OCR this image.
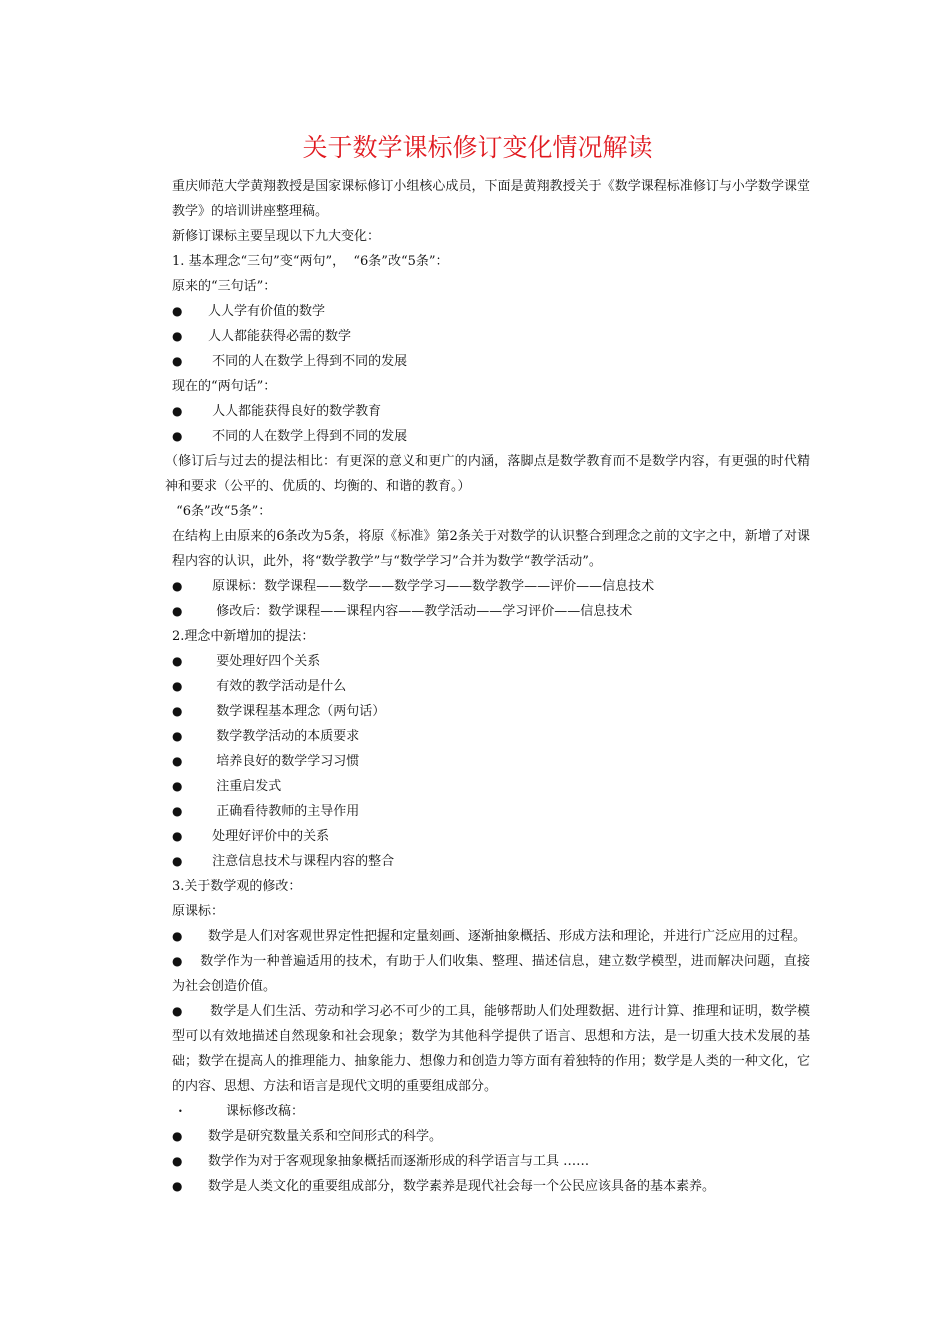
关于数学课标修订变化情况解读

重庆师范大学黄翔教授是国家课标修订小组核心成员，下面是黄翔教授关于《数学课程标准修订与小学数学课堂教学》的培训讲座整理稿。

新修订课标主要呈现以下九大变化：

1. 基本理念“三句”变“两句”，  “6条”改“5条”：

原来的“三句话”：

●	人人学有价值的数学
●	人人都能获得必需的数学
●	不同的人在数学上得到不同的发展

现在的“两句话”：

●	人人都能获得良好的数学教育
●	不同的人在数学上得到不同的发展

（修订后与过去的提法相比：有更深的意义和更广的内涵，落脚点是数学教育而不是数学内容，有更强的时代精神和要求（公平的、优质的、均衡的、和谐的教育。）

“6条”改“5条”：

在结构上由原来的6条改为5条，将原《标准》第2条关于对数学的认识整合到理念之前的文字之中，新增了对课程内容的认识，此外，将“数学教学”与“数学学习”合并为数学“教学活动”。

●	原课标：数学课程——数学——数学学习——数学教学——评价——信息技术
●	修改后：数学课程——课程内容——教学活动——学习评价——信息技术

2.理念中新增加的提法：

●	要处理好四个关系
●	有效的教学活动是什么
●	数学课程基本理念（两句话）
●	数学教学活动的本质要求
●	培养良好的数学学习习惯
●	注重启发式
●	正确看待教师的主导作用
●	处理好评价中的关系
●	注意信息技术与课程内容的整合

3.关于数学观的修改：

原课标：

● 数学是人们对客观世界定性把握和定量刻画、逐渐抽象概括、形成方法和理论，并进行广泛应用的过程。

● 数学作为一种普遍适用的技术，有助于人们收集、整理、描述信息，建立数学模型，进而解决问题，直接为社会创造价值。

● 数学是人们生活、劳动和学习必不可少的工具，能够帮助人们处理数据、进行计算、推理和证明，数学模型可以有效地描述自然现象和社会现象；数学为其他科学提供了语言、思想和方法，是一切重大技术发展的基础；数学在提高人的推理能力、抽象能力、想像力和创造力等方面有着独特的作用；数学是人类的一种文化，它的内容、思想、方法和语言是现代文明的重要组成部分。

•	课标修改稿：
●	数学是研究数量关系和空间形式的科学。
●	数学作为对于客观现象抽象概括而逐渐形成的科学语言与工具 ……
●	数学是人类文化的重要组成部分，数学素养是现代社会每一个公民应该具备的基本素养。
